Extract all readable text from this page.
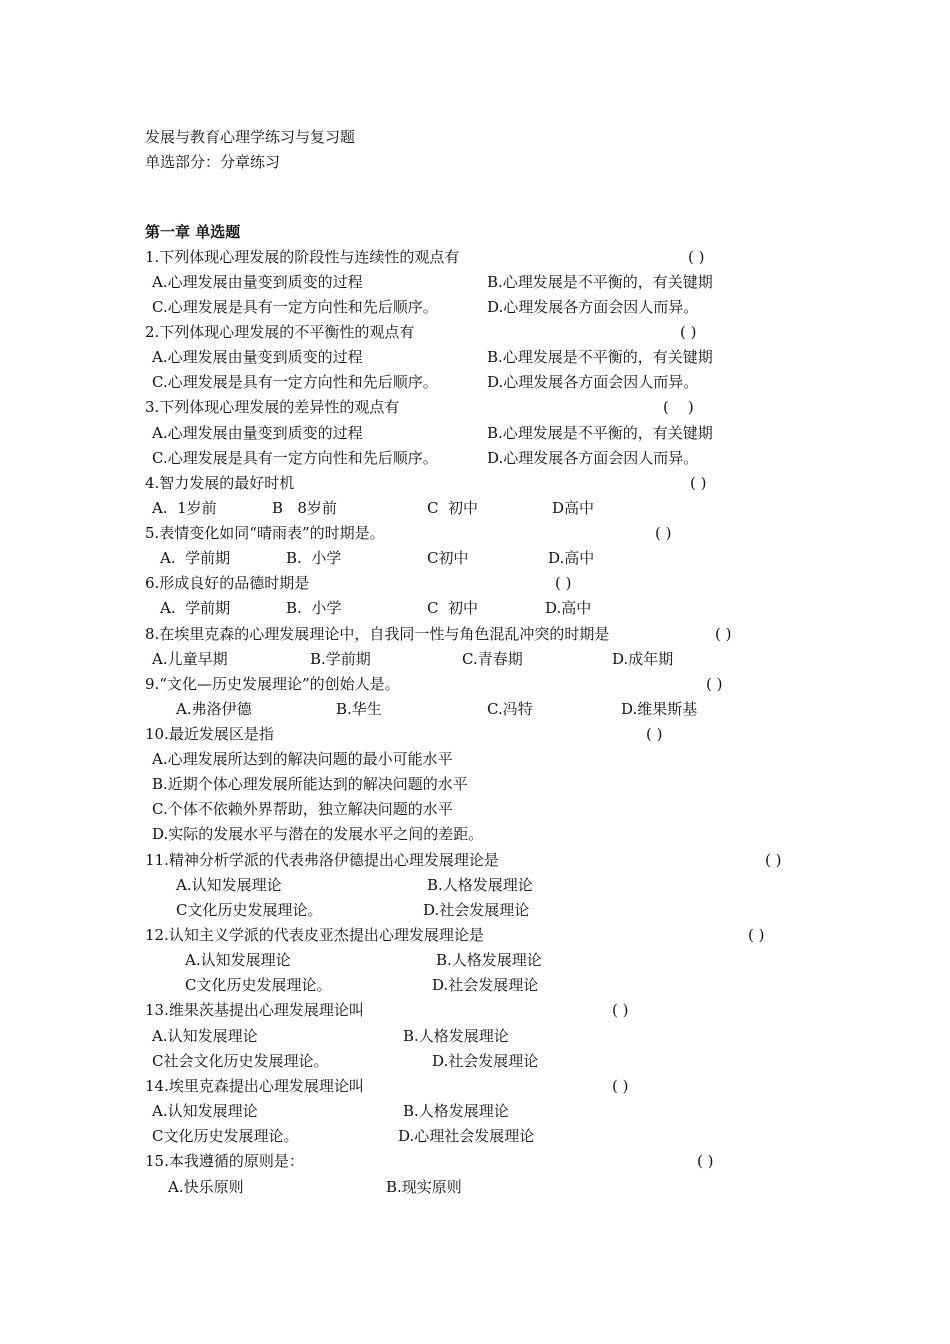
发展与教育心理学练习与复习题
单选部分：分章练习
第一章 单选题
1.下列体现心理发展的阶段性与连续性的观点有	( )
A.心理发展由量变到质变的过程	B.心理发展是不平衡的，有关键期
C.心理发展是具有一定方向性和先后顺序。	D.心理发展各方面会因人而异。
2.下列体现心理发展的不平衡性的观点有	( )
A.心理发展由量变到质变的过程	B.心理发展是不平衡的，有关键期
C.心理发展是具有一定方向性和先后顺序。	D.心理发展各方面会因人而异。
3.下列体现心理发展的差异性的观点有	(    )
A.心理发展由量变到质变的过程	B.心理发展是不平衡的，有关键期
C.心理发展是具有一定方向性和先后顺序。	D.心理发展各方面会因人而异。
4.智力发展的最好时机	( )
A.  1岁前	B   8岁前	C  初中	D高中
5.表情变化如同“晴雨表”的时期是。	( )
A.  学前期	B.  小学	C初中	D.高中
6.形成良好的品德时期是	( )
A.  学前期	B.  小学	C  初中	D.高中
8.在埃里克森的心理发展理论中，自我同一性与角色混乱冲突的时期是	( )
A.儿童早期	B.学前期	C.青春期	D.成年期
9.“文化—历史发展理论”的创始人是。	( )
A.弗洛伊德	B.华生	C.冯特	D.维果斯基
10.最近发展区是指	( )
A.心理发展所达到的解决问题的最小可能水平
B.近期个体心理发展所能达到的解决问题的水平
C.个体不依赖外界帮助，独立解决问题的水平
D.实际的发展水平与潜在的发展水平之间的差距。
11.精神分析学派的代表弗洛伊德提出心理发展理论是	( )
A.认知发展理论	B.人格发展理论
C文化历史发展理论。	D.社会发展理论
12.认知主义学派的代表皮亚杰提出心理发展理论是	( )
A.认知发展理论	B.人格发展理论
C文化历史发展理论。	D.社会发展理论
13.维果茨基提出心理发展理论叫	( )
A.认知发展理论	B.人格发展理论
C社会文化历史发展理论。	D.社会发展理论
14.埃里克森提出心理发展理论叫	( )
A.认知发展理论	B.人格发展理论
C文化历史发展理论。	D.心理社会发展理论
15.本我遵循的原则是：	( )
A.快乐原则	B.现实原则
